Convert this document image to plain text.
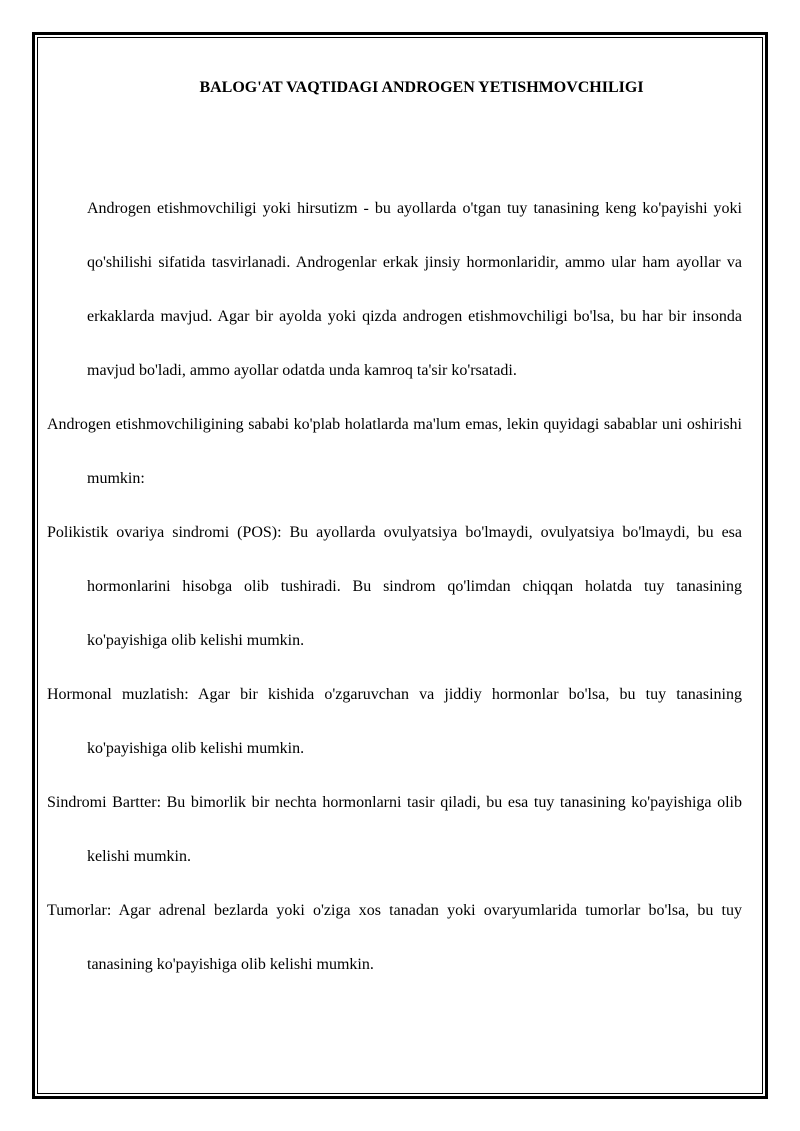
BALOG'AT VAQTIDAGI ANDROGEN YETISHMOVCHILIGI

Androgen etishmovchiligi yoki hirsutizm - bu ayollarda o'tgan tuy tanasining keng ko'payishi yoki qo'shilishi sifatida tasvirlanadi. Androgenlar erkak jinsiy hormonlaridir, ammo ular ham ayollar va erkaklarda mavjud. Agar bir ayolda yoki qizda androgen etishmovchiligi bo'lsa, bu har bir insonda mavjud bo'ladi, ammo ayollar odatda unda kamroq ta'sir ko'rsatadi.

Androgen etishmovchiligining sababi ko'plab holatlarda ma'lum emas, lekin quyidagi sabablar uni oshirishi mumkin:

Polikistik ovariya sindromi (POS): Bu ayollarda ovulyatsiya bo'lmaydi, ovulyatsiya bo'lmaydi, bu esa hormonlarini hisobga olib tushiradi. Bu sindrom qo'limdan chiqqan holatda tuy tanasining ko'payishiga olib kelishi mumkin.

Hormonal muzlatish: Agar bir kishida o'zgaruvchan va jiddiy hormonlar bo'lsa, bu tuy tanasining ko'payishiga olib kelishi mumkin.

Sindromi Bartter: Bu bimorlik bir nechta hormonlarni tasir qiladi, bu esa tuy tanasining ko'payishiga olib kelishi mumkin.

Tumorlar: Agar adrenal bezlarda yoki o'ziga xos tanadan yoki ovaryumlarida tumorlar bo'lsa, bu tuy tanasining ko'payishiga olib kelishi mumkin.
